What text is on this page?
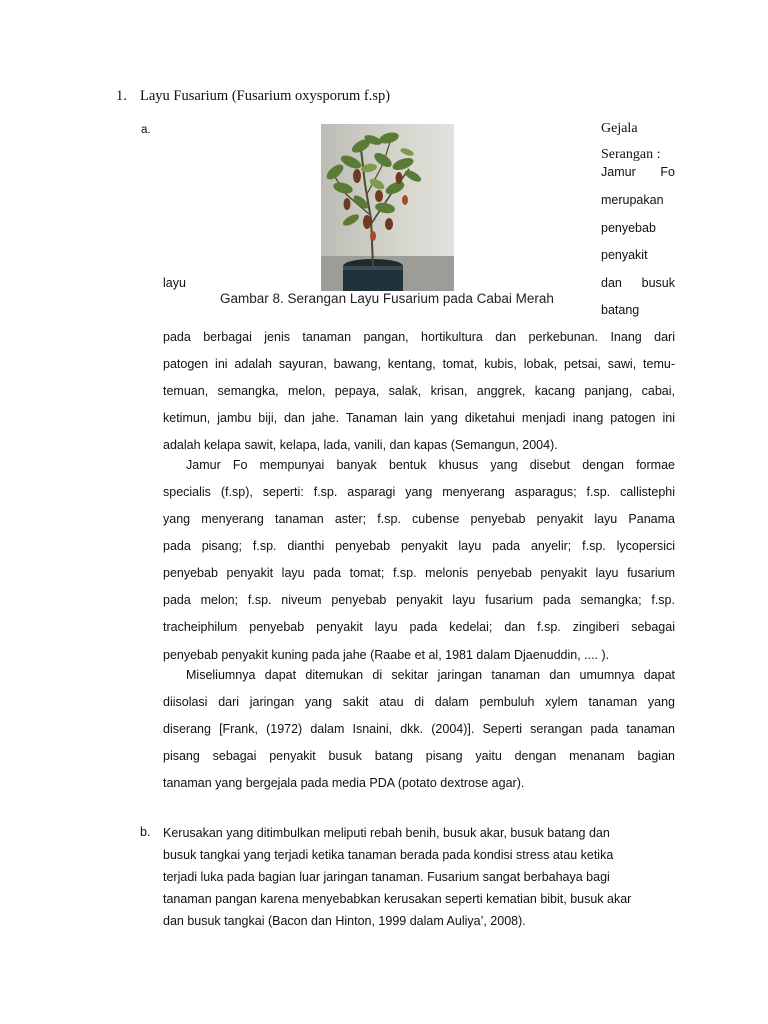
1. Layu Fusarium (Fusarium oxysporum f.sp)
a.	Gejala
Serangan :
Jamur Fo
merupakan
penyebab
penyakit
dan busuk
batang
layu
Gambar 8. Serangan Layu Fusarium pada Cabai Merah
pada berbagai jenis tanaman pangan, hortikultura dan perkebunan. Inang dari
patogen ini adalah sayuran, bawang, kentang, tomat, kubis, lobak, petsai, sawi, temu-
temuan, semangka, melon, pepaya, salak, krisan, anggrek, kacang panjang, cabai,
ketimun, jambu biji, dan jahe. Tanaman lain yang diketahui menjadi inang patogen ini
adalah kelapa sawit, kelapa, lada, vanili, dan kapas (Semangun, 2004).
Jamur Fo mempunyai banyak bentuk khusus yang disebut dengan formae
specialis (f.sp), seperti: f.sp. asparagi yang menyerang asparagus; f.sp. callistephi
yang menyerang tanaman aster; f.sp. cubense penyebab penyakit layu Panama
pada pisang; f.sp. dianthi penyebab penyakit layu pada anyelir; f.sp. lycopersici
penyebab penyakit layu pada tomat; f.sp. melonis penyebab penyakit layu fusarium
pada melon; f.sp. niveum penyebab penyakit layu fusarium pada semangka; f.sp.
tracheiphilum penyebab penyakit layu pada kedelai; dan f.sp. zingiberi sebagai
penyebab penyakit kuning pada jahe (Raabe et al, 1981 dalam Djaenuddin, .... ).
Miseliumnya dapat ditemukan di sekitar jaringan tanaman dan umumnya dapat
diisolasi dari jaringan yang sakit atau di dalam pembuluh xylem tanaman yang
diserang [Frank, (1972) dalam Isnaini, dkk. (2004)]. Seperti serangan pada tanaman
pisang sebagai penyakit busuk batang pisang yaitu dengan menanam bagian
tanaman yang bergejala pada media PDA (potato dextrose agar).
b. Kerusakan yang ditimbulkan meliputi rebah benih, busuk akar, busuk batang dan
busuk tangkai yang terjadi ketika tanaman berada pada kondisi stress atau ketika
terjadi luka pada bagian luar jaringan tanaman. Fusarium sangat berbahaya bagi
tanaman pangan karena menyebabkan kerusakan seperti kematian bibit, busuk akar
dan busuk tangkai (Bacon dan Hinton, 1999 dalam Auliya’, 2008).
